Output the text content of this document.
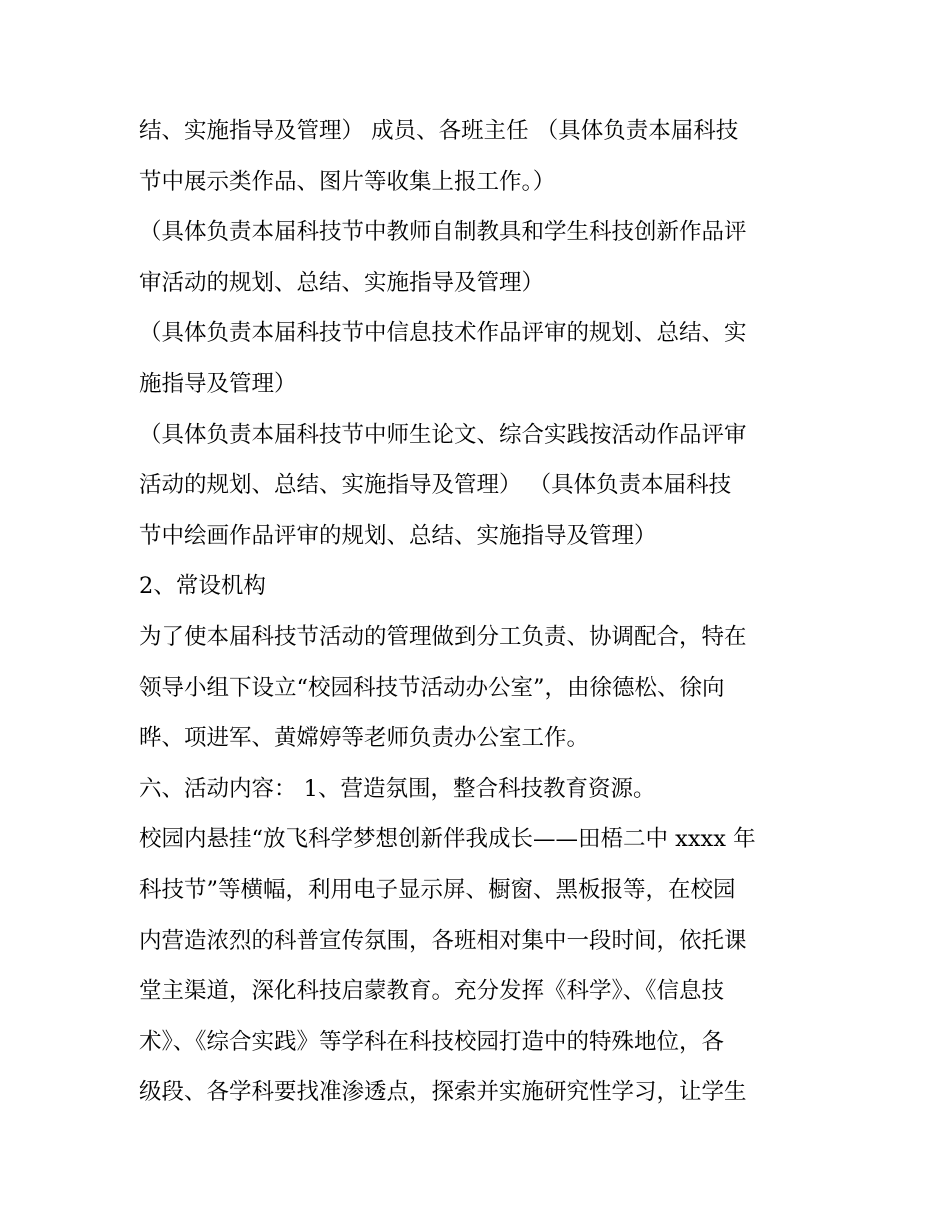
结、实施指导及管理） 成员、各班主任 （具体负责本届科技
节中展示类作品、图片等收集上报工作。）
（具体负责本届科技节中教师自制教具和学生科技创新作品评
审活动的规划、总结、实施指导及管理）
（具体负责本届科技节中信息技术作品评审的规划、总结、实
施指导及管理）
（具体负责本届科技节中师生论文、综合实践按活动作品评审
活动的规划、总结、实施指导及管理） （具体负责本届科技
节中绘画作品评审的规划、总结、实施指导及管理）
2、常设机构
为了使本届科技节活动的管理做到分工负责、协调配合，特在
领导小组下设立“校园科技节活动办公室”，由徐德松、徐向
晔、项进军、黄嫦婷等老师负责办公室工作。
六、活动内容： 1、营造氛围，整合科技教育资源。
校园内悬挂“放飞科学梦想创新伴我成长——田梧二中 xxxx 年
科技节”等横幅，利用电子显示屏、橱窗、黑板报等，在校园
内营造浓烈的科普宣传氛围，各班相对集中一段时间，依托课
堂主渠道，深化科技启蒙教育。充分发挥《科学》、《信息技
术》、《综合实践》等学科在科技校园打造中的特殊地位，各
级段、各学科要找准渗透点，探索并实施研究性学习，让学生
